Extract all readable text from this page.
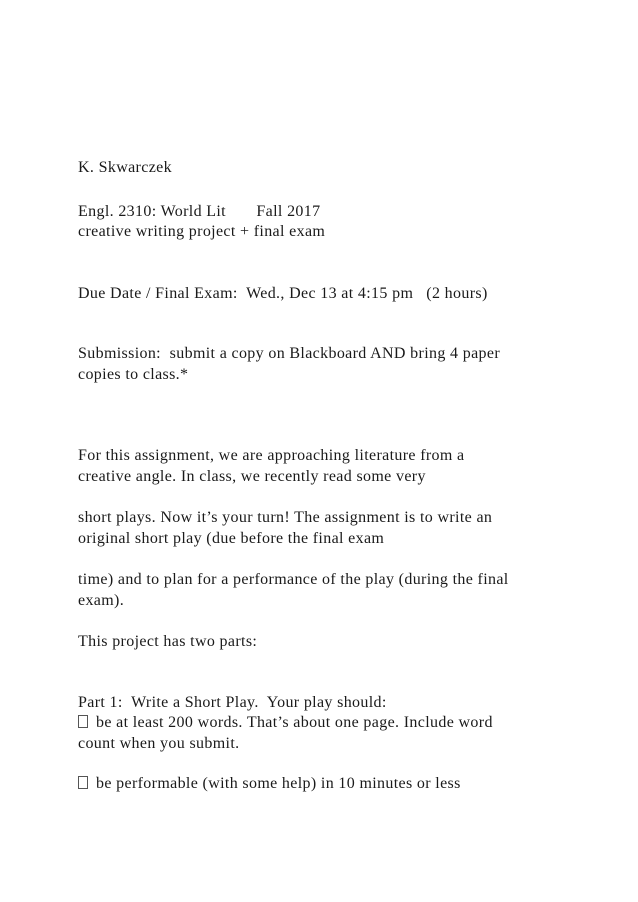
K. Skwarczek
Engl. 2310: World Lit       Fall 2017
creative writing project + final exam
Due Date / Final Exam:  Wed., Dec 13 at 4:15 pm   (2 hours)
Submission:  submit a copy on Blackboard AND bring 4 paper
copies to class.*
For this assignment, we are approaching literature from a
creative angle. In class, we recently read some very
short plays. Now it’s your turn! The assignment is to write an
original short play (due before the final exam
time) and to plan for a performance of the play (during the final
exam).
This project has two parts:
Part 1:  Write a Short Play.  Your play should:
be at least 200 words. That’s about one page. Include word
count when you submit.
be performable (with some help) in 10 minutes or less
